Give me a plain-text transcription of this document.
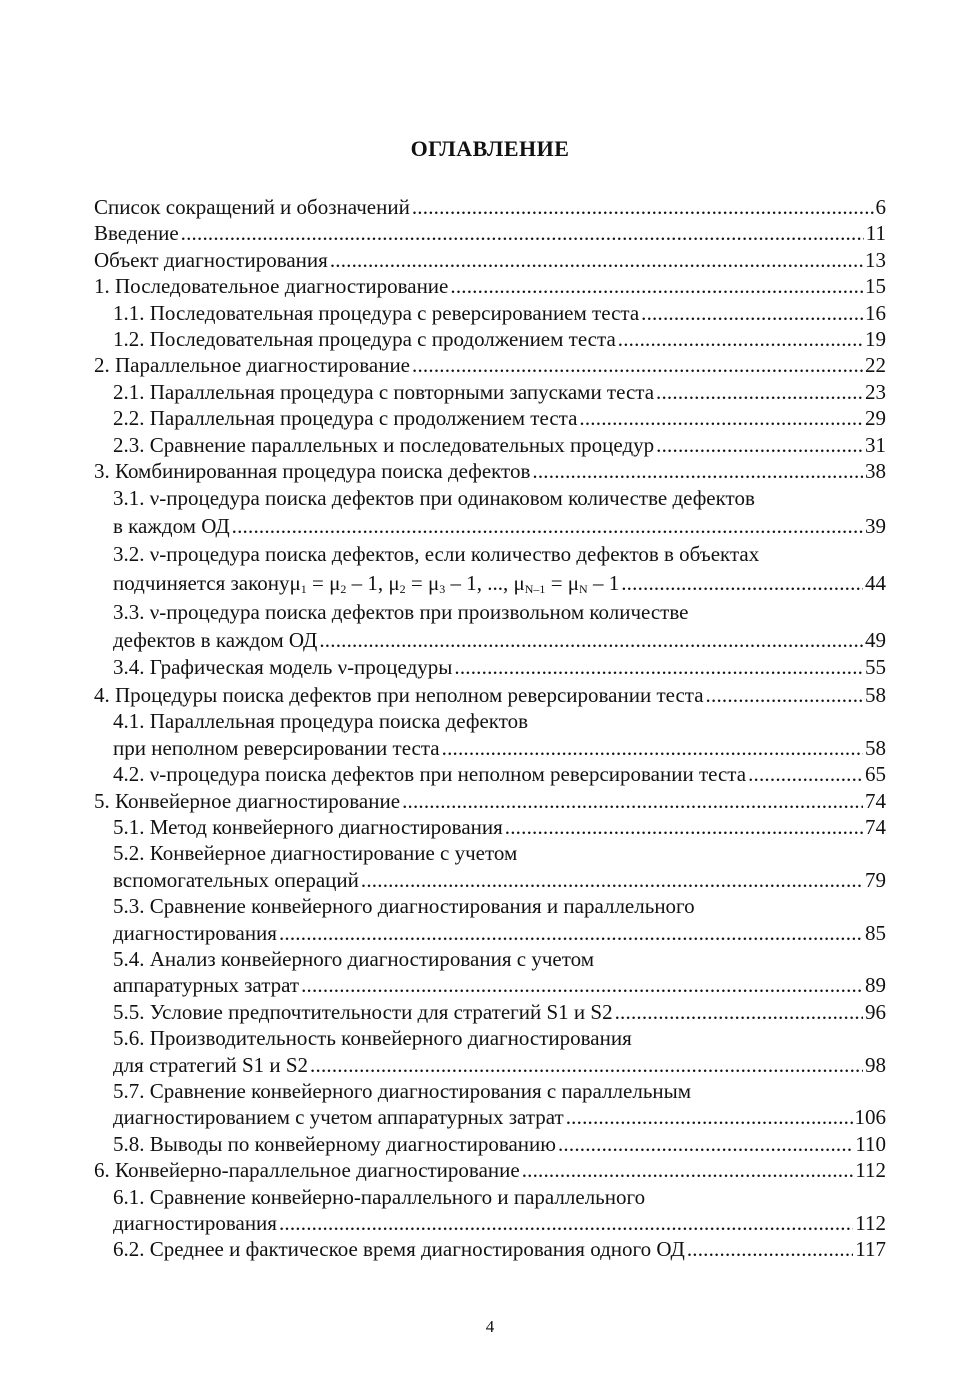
ОГЛАВЛЕНИЕ
Список сокращений и обозначений .....	6
Введение .....	11
Объект диагностирования .....	13
1. Последовательное диагностирование .....	15
1.1. Последовательная процедура с реверсированием теста .....	16
1.2. Последовательная процедура с продолжением теста .....	19
2. Параллельное диагностирование .....	22
2.1. Параллельная процедура с повторными запусками теста .....	23
2.2. Параллельная процедура с продолжением теста .....	29
2.3. Сравнение параллельных и последовательных процедур .....	31
3. Комбинированная процедура поиска дефектов .....	38
3.1. ν-процедура поиска дефектов при одинаковом количестве дефектов
в каждом ОД .....	39
3.2. ν-процедура поиска дефектов, если количество дефектов в объектах
подчиняется закону $\mu_1 = \mu_2 - 1$, $\mu_2 = \mu_3 - 1$, ..., $\mu_{N-1} = \mu_N - 1$ .....	44
3.3. ν-процедура поиска дефектов при произвольном количестве
дефектов в каждом ОД .....	49
3.4. Графическая модель ν-процедуры .....	55
4. Процедуры поиска дефектов при неполном реверсировании теста .....	58
4.1. Параллельная процедура поиска дефектов
при неполном реверсировании теста .....	58
4.2. ν-процедура поиска дефектов при неполном реверсировании теста .....	65
5. Конвейерное диагностирование .....	74
5.1. Метод конвейерного диагностирования .....	74
5.2. Конвейерное диагностирование с учетом
вспомогательных операций .....	79
5.3. Сравнение конвейерного диагностирования и параллельного
диагностирования .....	85
5.4. Анализ конвейерного диагностирования с учетом
аппаратурных затрат .....	89
5.5. Условие предпочтительности для стратегий S1 и S2 .....	96
5.6. Производительность конвейерного диагностирования
для стратегий S1 и S2 .....	98
5.7. Сравнение конвейерного диагностирования с параллельным
диагностированием с учетом аппаратурных затрат .....	106
5.8. Выводы по конвейерному диагностированию .....	110
6. Конвейерно-параллельное диагностирование .....	112
6.1. Сравнение конвейерно-параллельного и параллельного
диагностирования .....	112
6.2. Среднее и фактическое время диагностирования одного ОД .....	117
4
